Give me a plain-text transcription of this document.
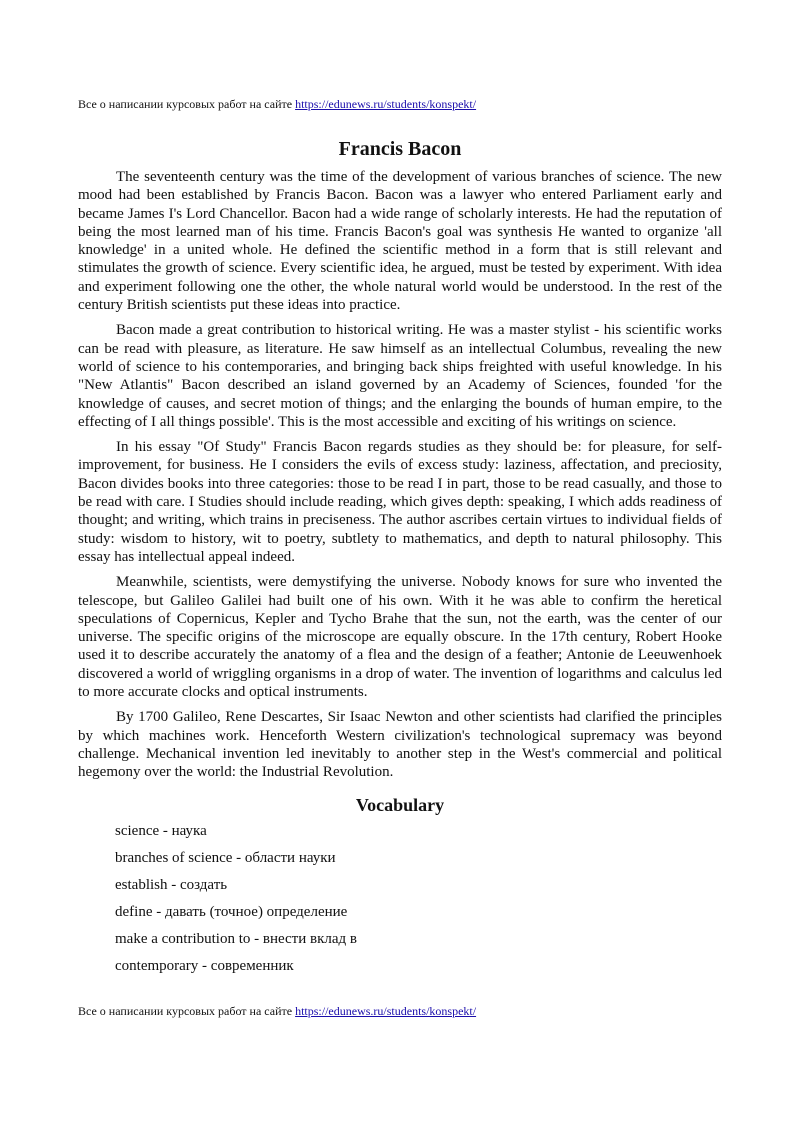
Все о написании курсовых работ на сайте https://edunews.ru/students/konspekt/
Francis Bacon

The seventeenth century was the time of the development of various branches of science. The new mood had been established by Francis Bacon. Bacon was a lawyer who entered Parliament early and became James I's Lord Chancellor. Bacon had a wide range of scholarly interests. He had the reputation of being the most learned man of his time. Francis Bacon's goal was synthesis He wanted to organize 'all knowledge' in a united whole. He defined the scientific method in a form that is still relevant and stimulates the growth of science. Every scientific idea, he argued, must be tested by experiment. With idea and experiment following one the other, the whole natural world would be understood. In the rest of the century British scientists put these ideas into practice.

Bacon made a great contribution to historical writing. He was a master stylist - his scientific works can be read with pleasure, as literature. He saw himself as an intellectual Columbus, revealing the new world of science to his contemporaries, and bringing back ships freighted with useful knowledge. In his "New Atlantis" Bacon described an island governed by an Academy of Sciences, founded 'for the knowledge of causes, and secret motion of things; and the enlarging the bounds of human empire, to the effecting of I all things possible'. This is the most accessible and exciting of his writings on science.

In his essay "Of Study" Francis Bacon regards studies as they should be: for pleasure, for self-improvement, for business. He I considers the evils of excess study: laziness, affectation, and preciosity, Bacon divides books into three categories: those to be read I in part, those to be read casually, and those to be read with care. I Studies should include reading, which gives depth: speaking, I which adds readiness of thought; and writing, which trains in preciseness. The author ascribes certain virtues to individual fields of study: wisdom to history, wit to poetry, subtlety to mathematics, and depth to natural philosophy. This essay has intellectual appeal indeed.

Meanwhile, scientists, were demystifying the universe. Nobody knows for sure who invented the telescope, but Galileo Galilei had built one of his own. With it he was able to confirm the heretical speculations of Copernicus, Kepler and Tycho Brahe that the sun, not the earth, was the center of our universe. The specific origins of the microscope are equally obscure. In the 17th century, Robert Hooke used it to describe accurately the anatomy of a flea and the design of a feather; Antonie de Leeuwenhoek discovered a world of wriggling organisms in a drop of water. The invention of logarithms and calculus led to more accurate clocks and optical instruments.

By 1700 Galileo, Rene Descartes, Sir Isaac Newton and other scientists had clarified the principles by which machines work. Henceforth Western civilization's technological supremacy was beyond challenge. Mechanical invention led inevitably to another step in the West's commercial and political hegemony over the world: the Industrial Revolution.

Vocabulary
science - наука
branches of science - области науки
establish - создать
define - давать (точное) определение
make a contribution to - внести вклад в
contemporary - современник
Все о написании курсовых работ на сайте https://edunews.ru/students/konspekt/
